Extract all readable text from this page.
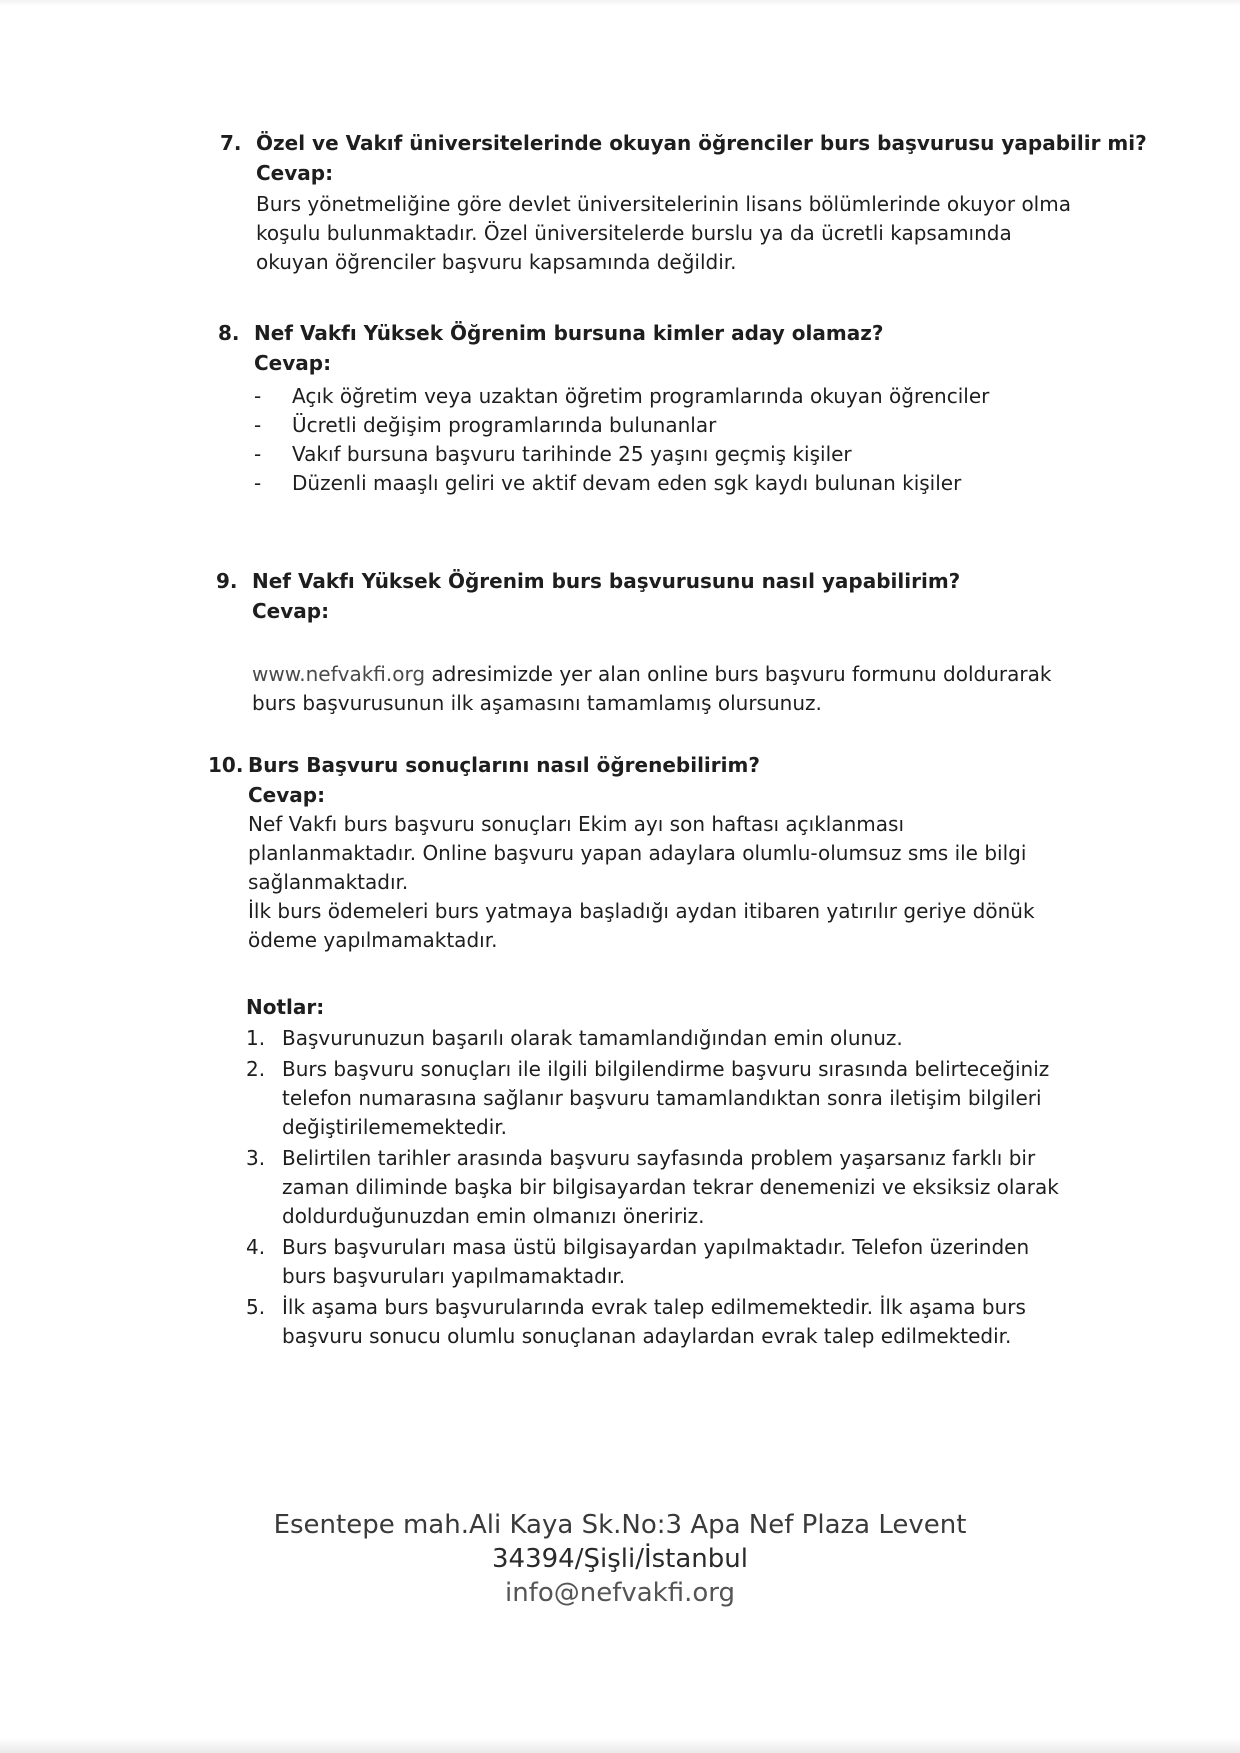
7. Özel ve Vakıf üniversitelerinde okuyan öğrenciler burs başvurusu yapabilir mi?
Cevap:
Burs yönetmeliğine göre devlet üniversitelerinin lisans bölümlerinde okuyor olma
koşulu bulunmaktadır. Özel üniversitelerde burslu ya da ücretli kapsamında
okuyan öğrenciler başvuru kapsamında değildir.
8. Nef Vakfı Yüksek Öğrenim bursuna kimler aday olamaz?
Cevap:
- Açık öğretim veya uzaktan öğretim programlarında okuyan öğrenciler
- Ücretli değişim programlarında bulunanlar
- Vakıf bursuna başvuru tarihinde 25 yaşını geçmiş kişiler
- Düzenli maaşlı geliri ve aktif devam eden sgk kaydı bulunan kişiler
9. Nef Vakfı Yüksek Öğrenim burs başvurusunu nasıl yapabilirim?
Cevap:
www.nefvakfi.org adresimizde yer alan online burs başvuru formunu doldurarak
burs başvurusunun ilk aşamasını tamamlamış olursunuz.
10. Burs Başvuru sonuçlarını nasıl öğrenebilirim?
Cevap:
Nef Vakfı burs başvuru sonuçları Ekim ayı son haftası açıklanması
planlanmaktadır. Online başvuru yapan adaylara olumlu-olumsuz sms ile bilgi
sağlanmaktadır.
İlk burs ödemeleri burs yatmaya başladığı aydan itibaren yatırılır geriye dönük
ödeme yapılmamaktadır.
Notlar:
1. Başvurunuzun başarılı olarak tamamlandığından emin olunuz.
2. Burs başvuru sonuçları ile ilgili bilgilendirme başvuru sırasında belirteceğiniz
telefon numarasına sağlanır başvuru tamamlandıktan sonra iletişim bilgileri
değiştirilememektedir.
3. Belirtilen tarihler arasında başvuru sayfasında problem yaşarsanız farklı bir
zaman diliminde başka bir bilgisayardan tekrar denemenizi ve eksiksiz olarak
doldurduğunuzdan emin olmanızı öneririz.
4. Burs başvuruları masa üstü bilgisayardan yapılmaktadır. Telefon üzerinden
burs başvuruları yapılmamaktadır.
5. İlk aşama burs başvurularında evrak talep edilmemektedir. İlk aşama burs
başvuru sonucu olumlu sonuçlanan adaylardan evrak talep edilmektedir.
Esentepe mah.Ali Kaya Sk.No:3 Apa Nef Plaza Levent
34394/Şişli/İstanbul
info@nefvakfi.org
